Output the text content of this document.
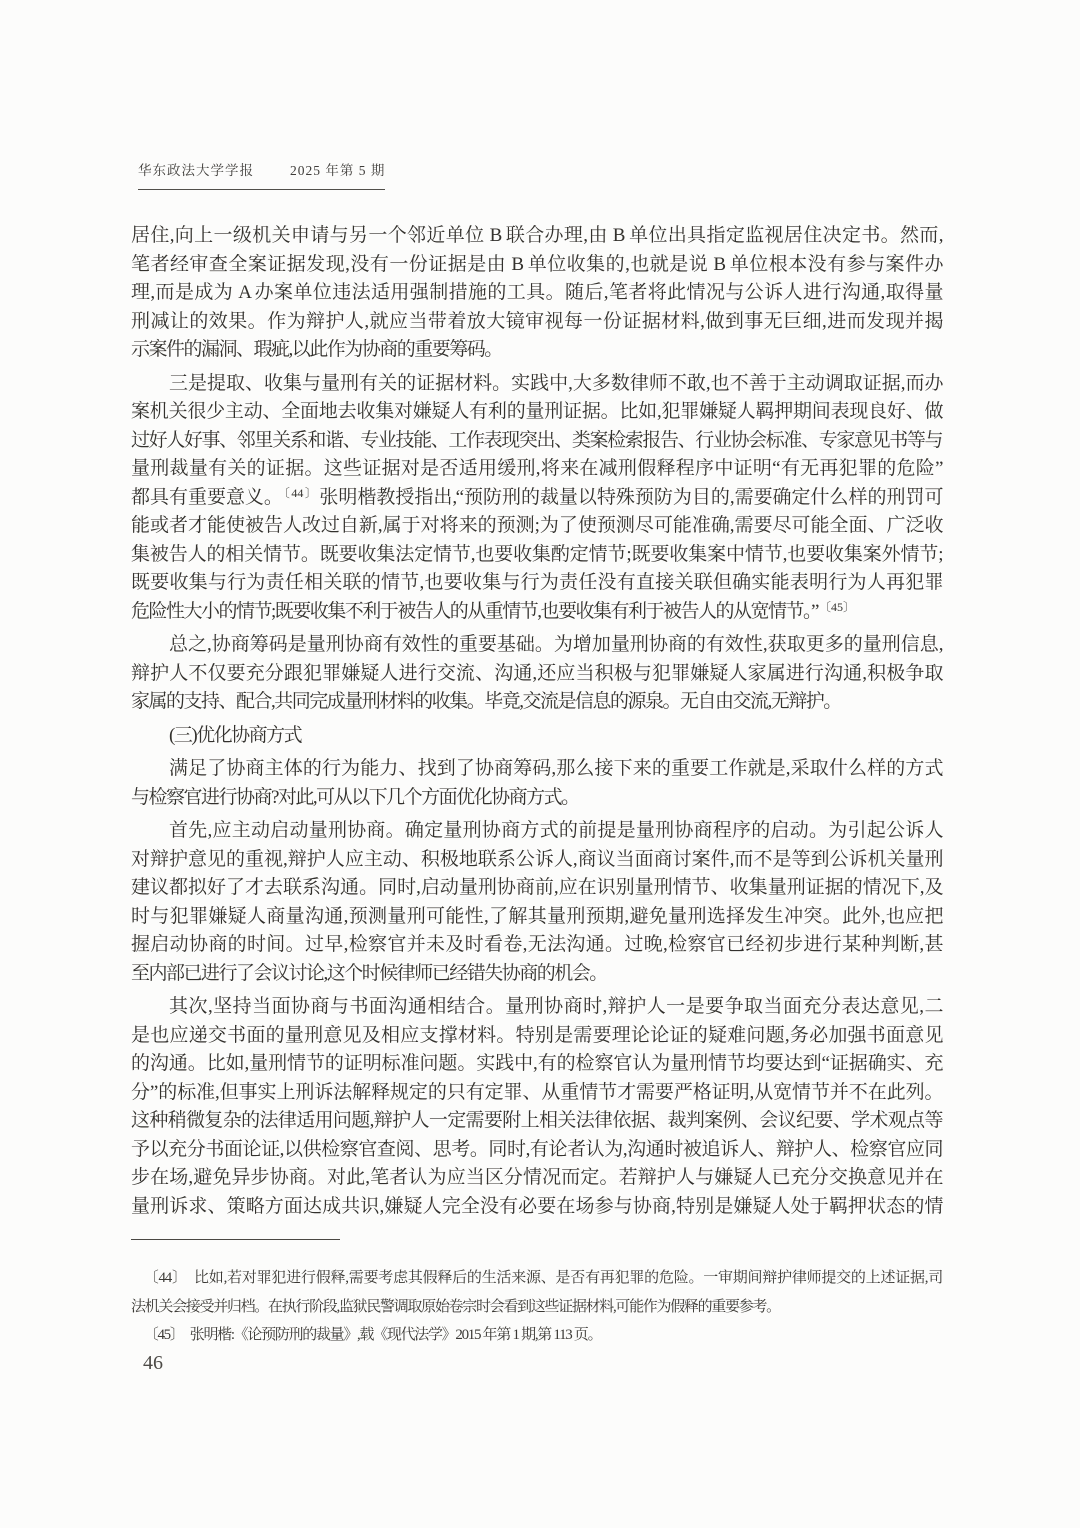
华东政法大学学报	2025 年第 5 期
居住,向上一级机关申请与另一个邻近单位 B 联合办理,由 B 单位出具指定监视居住决定书。然而,
笔者经审查全案证据发现,没有一份证据是由 B 单位收集的,也就是说 B 单位根本没有参与案件办
理,而是成为 A 办案单位违法适用强制措施的工具。随后,笔者将此情况与公诉人进行沟通,取得量
刑减让的效果。作为辩护人,就应当带着放大镜审视每一份证据材料,做到事无巨细,进而发现并揭
示案件的漏洞、瑕疵,以此作为协商的重要筹码。
三是提取、收集与量刑有关的证据材料。实践中,大多数律师不敢,也不善于主动调取证据,而办
案机关很少主动、全面地去收集对嫌疑人有利的量刑证据。比如,犯罪嫌疑人羁押期间表现良好、做
过好人好事、邻里关系和谐、专业技能、工作表现突出、类案检索报告、行业协会标准、专家意见书等与
量刑裁量有关的证据。这些证据对是否适用缓刑,将来在减刑假释程序中证明“有无再犯罪的危险”
都具有重要意义。$^{〔44〕}$张明楷教授指出,“预防刑的裁量以特殊预防为目的,需要确定什么样的刑罚可
能或者才能使被告人改过自新,属于对将来的预测;为了使预测尽可能准确,需要尽可能全面、广泛收
集被告人的相关情节。既要收集法定情节,也要收集酌定情节;既要收集案中情节,也要收集案外情节;
既要收集与行为责任相关联的情节,也要收集与行为责任没有直接关联但确实能表明行为人再犯罪
危险性大小的情节;既要收集不利于被告人的从重情节,也要收集有利于被告人的从宽情节。”$^{〔45〕}$
总之,协商筹码是量刑协商有效性的重要基础。为增加量刑协商的有效性,获取更多的量刑信息,
辩护人不仅要充分跟犯罪嫌疑人进行交流、沟通,还应当积极与犯罪嫌疑人家属进行沟通,积极争取
家属的支持、配合,共同完成量刑材料的收集。毕竟,交流是信息的源泉。无自由交流,无辩护。
(三)优化协商方式
满足了协商主体的行为能力、找到了协商筹码,那么接下来的重要工作就是,采取什么样的方式
与检察官进行协商?对此,可从以下几个方面优化协商方式。
首先,应主动启动量刑协商。确定量刑协商方式的前提是量刑协商程序的启动。为引起公诉人
对辩护意见的重视,辩护人应主动、积极地联系公诉人,商议当面商讨案件,而不是等到公诉机关量刑
建议都拟好了才去联系沟通。同时,启动量刑协商前,应在识别量刑情节、收集量刑证据的情况下,及
时与犯罪嫌疑人商量沟通,预测量刑可能性,了解其量刑预期,避免量刑选择发生冲突。此外,也应把
握启动协商的时间。过早,检察官并未及时看卷,无法沟通。过晚,检察官已经初步进行某种判断,甚
至内部已进行了会议讨论,这个时候律师已经错失协商的机会。
其次,坚持当面协商与书面沟通相结合。量刑协商时,辩护人一是要争取当面充分表达意见,二
是也应递交书面的量刑意见及相应支撑材料。特别是需要理论论证的疑难问题,务必加强书面意见
的沟通。比如,量刑情节的证明标准问题。实践中,有的检察官认为量刑情节均要达到“证据确实、充
分”的标准,但事实上刑诉法解释规定的只有定罪、从重情节才需要严格证明,从宽情节并不在此列。
这种稍微复杂的法律适用问题,辩护人一定需要附上相关法律依据、裁判案例、会议纪要、学术观点等
予以充分书面论证,以供检察官查阅、思考。同时,有论者认为,沟通时被追诉人、辩护人、检察官应同
步在场,避免异步协商。对此,笔者认为应当区分情况而定。若辩护人与嫌疑人已充分交换意见并在
量刑诉求、策略方面达成共识,嫌疑人完全没有必要在场参与协商,特别是嫌疑人处于羁押状态的情
〔44〕　比如,若对罪犯进行假释,需要考虑其假释后的生活来源、是否有再犯罪的危险。一审期间辩护律师提交的上述证据,司
法机关会接受并归档。在执行阶段,监狱民警调取原始卷宗时会看到这些证据材料,可能作为假释的重要参考。
〔45〕　张明楷:《论预防刑的裁量》,载《现代法学》2015 年第 1 期,第 113 页。
46
